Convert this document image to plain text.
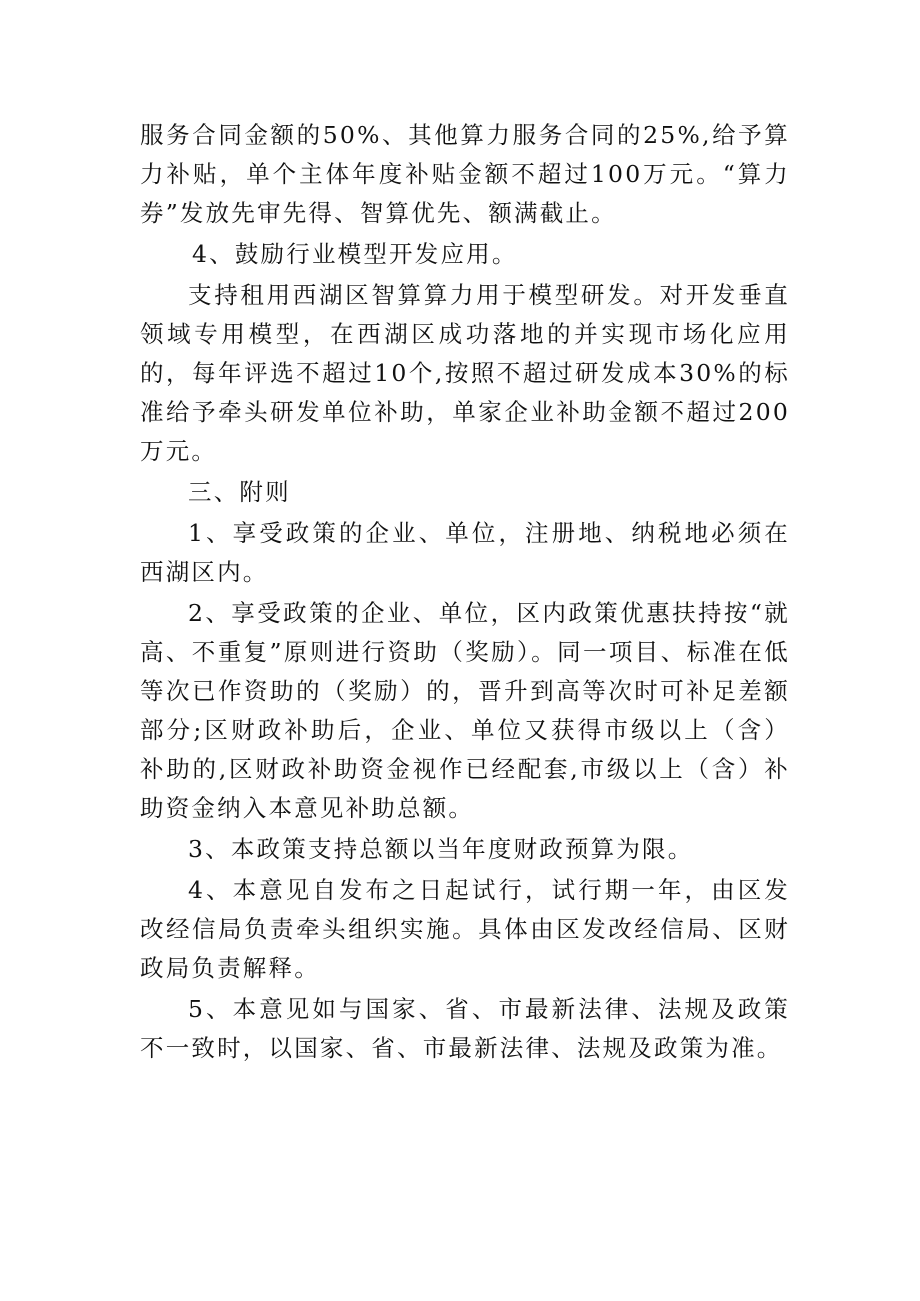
服务合同金额的50%、其他算力服务合同的25%,给予算力补贴，单个主体年度补贴金额不超过100万元。“算力券”发放先审先得、智算优先、额满截止。

4、鼓励行业模型开发应用。

支持租用西湖区智算算力用于模型研发。对开发垂直领域专用模型，在西湖区成功落地的并实现市场化应用的，每年评选不超过10个,按照不超过研发成本30%的标准给予牵头研发单位补助，单家企业补助金额不超过200万元。

三、附则

1、享受政策的企业、单位，注册地、纳税地必须在西湖区内。

2、享受政策的企业、单位，区内政策优惠扶持按“就高、不重复”原则进行资助（奖励）。同一项目、标准在低等次已作资助的（奖励）的，晋升到高等次时可补足差额部分;区财政补助后，企业、单位又获得市级以上（含）补助的,区财政补助资金视作已经配套,市级以上（含）补助资金纳入本意见补助总额。

3、本政策支持总额以当年度财政预算为限。

4、本意见自发布之日起试行，试行期一年，由区发改经信局负责牵头组织实施。具体由区发改经信局、区财政局负责解释。

5、本意见如与国家、省、市最新法律、法规及政策不一致时，以国家、省、市最新法律、法规及政策为准。
